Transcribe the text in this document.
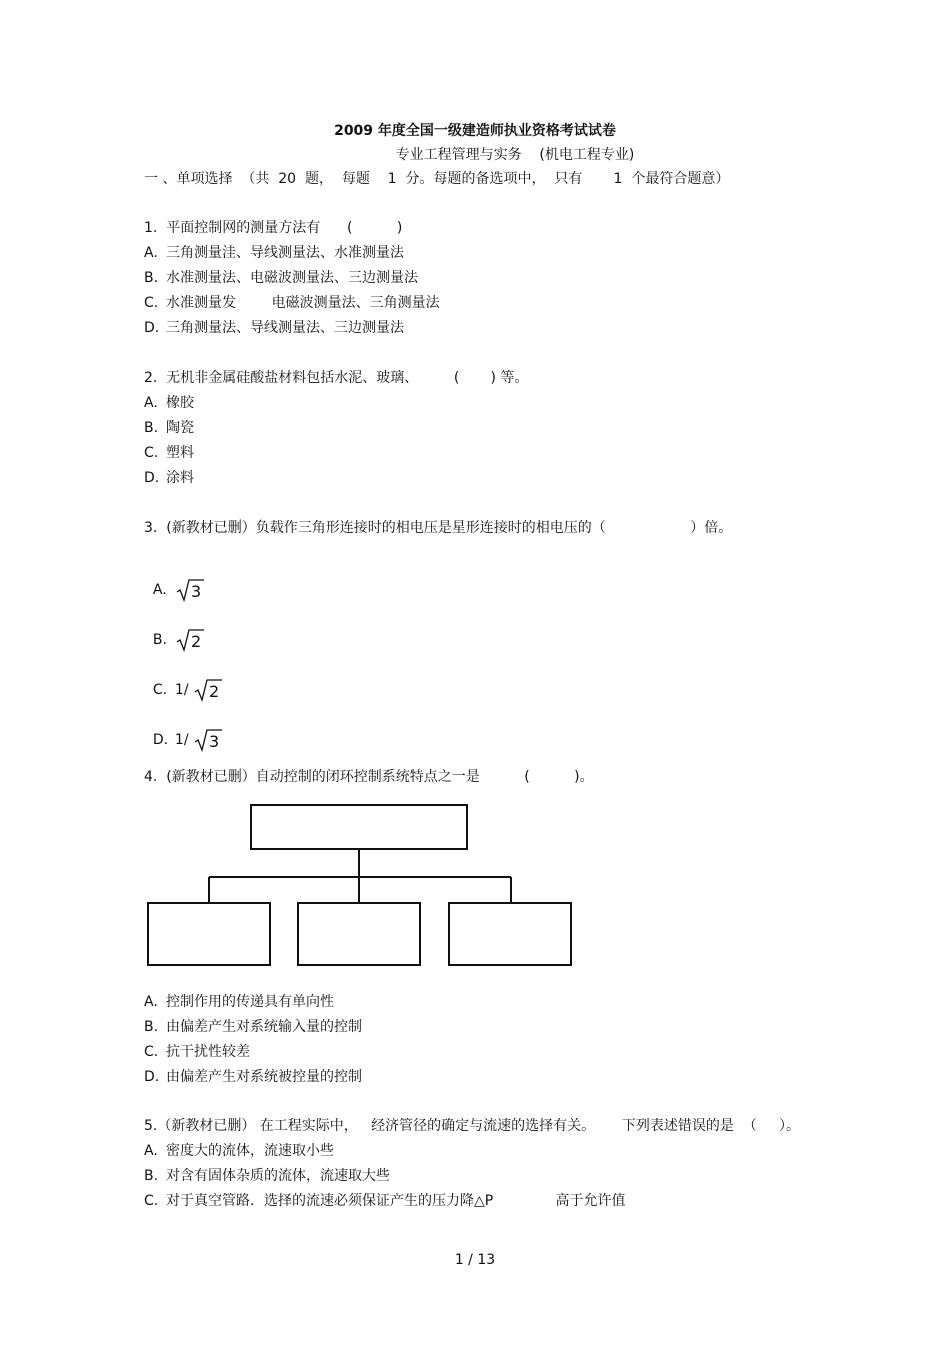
2009 年度全国一级建造师执业资格考试试卷
专业工程管理与实务    (机电工程专业)
一 、单项选择  （共  20  题，  每题    1  分。每题的备选项中，  只有       1  个最符合题意）
1.  平面控制网的测量方法有      (          )
A. 三角测量洼、导线测量法、水准测量法
B. 水准测量法、电磁波测量法、三边测量法
C. 水准测量发        电磁波测量法、三角测量法
D. 三角测量法、导线测量法、三边测量法
2.  无机非金属硅酸盐材料包括水泥、玻璃、        (       ) 等。
A. 橡胶
B. 陶瓷
C. 塑料
D. 涂料
3.  (新教材已删）负载作三角形连接时的相电压是星形连接时的相电压的（                   ）倍。

A. 3

B. 2

C. 1/ 2

D. 1/ 3

4.  (新教材已删）自动控制的闭环控制系统特点之一是          (          )。
A. 控制作用的传递具有单向性
B. 由偏差产生对系统输入量的控制
C. 抗干扰性较差
D. 由偏差产生对系统被控量的控制
5.（新教材已删） 在工程实际中，   经济管径的确定与流速的选择有关。      下列表述错误的是  （     ）。
A. 密度大的流体，流速取小些
B. 对含有固体杂质的流体，流速取大些
C. 对于真空管路．选择的流速必须保证产生的压力降△P              高于允许值
1 / 13
